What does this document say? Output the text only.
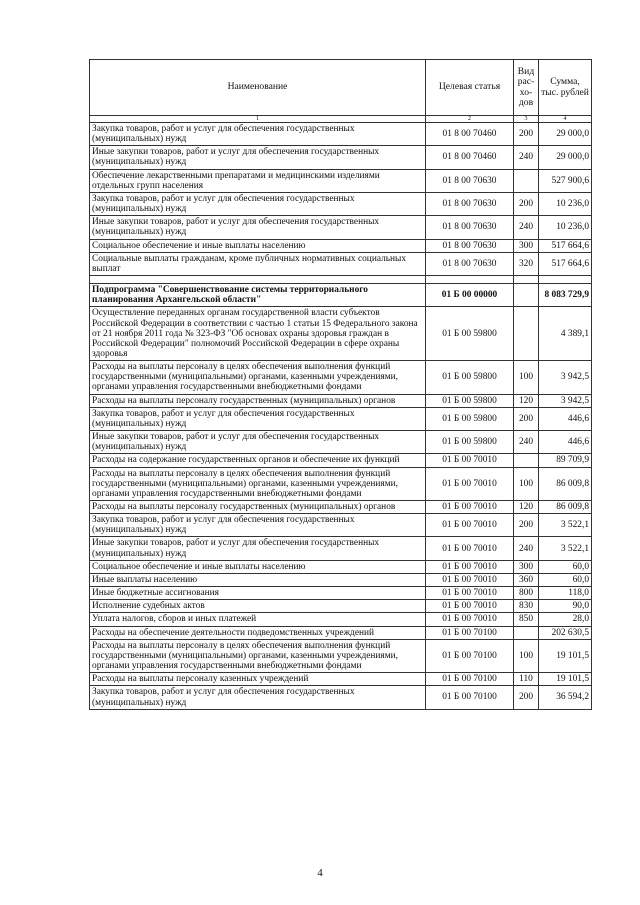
Наименование	Целевая статья	Вид рас- хо- дов	Сумма, тыс. рублей
1	2	3	4
Закупка товаров, работ и услуг для обеспечения государственных (муниципальных) нужд	01 8 00 70460	200	29 000,0
Иные закупки товаров, работ и услуг для обеспечения государственных (муниципальных) нужд	01 8 00 70460	240	29 000,0
Обеспечение лекарственными препаратами и медицинскими изделиями отдельных групп населения	01 8 00 70630		527 900,6
Закупка товаров, работ и услуг для обеспечения государственных (муниципальных) нужд	01 8 00 70630	200	10 236,0
Иные закупки товаров, работ и услуг для обеспечения государственных (муниципальных) нужд	01 8 00 70630	240	10 236,0
Социальное обеспечение и иные выплаты населению	01 8 00 70630	300	517 664,6
Социальные выплаты гражданам, кроме публичных нормативных социальных выплат	01 8 00 70630	320	517 664,6

Подпрограмма "Совершенствование системы территориального планирования Архангельской области"	01 Б 00 00000		8 083 729,9
Осуществление переданных органам государственной власти субъектов Российской Федерации в соответствии с частью 1 статьи 15 Федерального закона от 21 ноября 2011 года № 323-ФЗ "Об основах охраны здоровья граждан в Российской Федерации" полномочий Российской Федерации в сфере охраны здоровья	01 Б 00 59800		4 389,1
Расходы на выплаты персоналу в целях обеспечения выполнения функций государственными (муниципальными) органами, казенными учреждениями, органами управления государственными внебюджетными фондами	01 Б 00 59800	100	3 942,5
Расходы на выплаты персоналу государственных (муниципальных) органов	01 Б 00 59800	120	3 942,5
Закупка товаров, работ и услуг для обеспечения государственных (муниципальных) нужд	01 Б 00 59800	200	446,6
Иные закупки товаров, работ и услуг для обеспечения государственных (муниципальных) нужд	01 Б 00 59800	240	446,6
Расходы на содержание государственных органов и обеспечение их функций	01 Б 00 70010		89 709,9
Расходы на выплаты персоналу в целях обеспечения выполнения функций государственными (муниципальными) органами, казенными учреждениями, органами управления государственными внебюджетными фондами	01 Б 00 70010	100	86 009,8
Расходы на выплаты персоналу государственных (муниципальных) органов	01 Б 00 70010	120	86 009,8
Закупка товаров, работ и услуг для обеспечения государственных (муниципальных) нужд	01 Б 00 70010	200	3 522,1
Иные закупки товаров, работ и услуг для обеспечения государственных (муниципальных) нужд	01 Б 00 70010	240	3 522,1
Социальное обеспечение и иные выплаты населению	01 Б 00 70010	300	60,0
Иные выплаты населению	01 Б 00 70010	360	60,0
Иные бюджетные ассигнования	01 Б 00 70010	800	118,0
Исполнение судебных актов	01 Б 00 70010	830	90,0
Уплата налогов, сборов и иных платежей	01 Б 00 70010	850	28,0
Расходы на обеспечение деятельности подведомственных учреждений	01 Б 00 70100		202 630,5
Расходы на выплаты персоналу в целях обеспечения выполнения функций государственными (муниципальными) органами, казенными учреждениями, органами управления государственными внебюджетными фондами	01 Б 00 70100	100	19 101,5
Расходы на выплаты персоналу казенных учреждений	01 Б 00 70100	110	19 101,5
Закупка товаров, работ и услуг для обеспечения государственных (муниципальных) нужд	01 Б 00 70100	200	36 594,2
4
